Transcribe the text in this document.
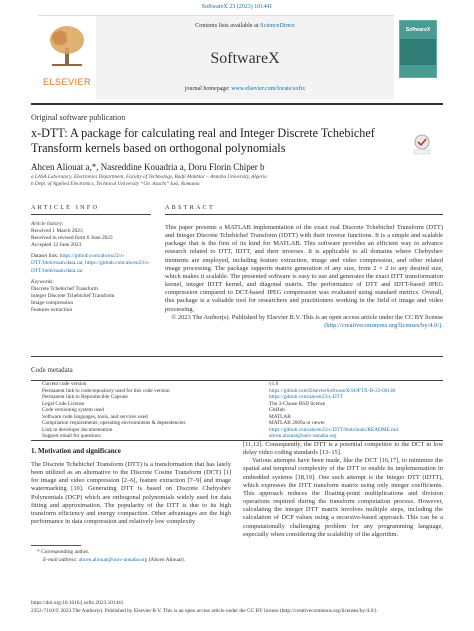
SoftwareX 23 (2023) 101441
ELSEVIER
Contents lists available at ScienceDirect
SoftwareX
journal homepage: www.elsevier.com/locate/softx
SoftwareX
Original software publication
x-DTT: A package for calculating real and Integer Discrete Tchebichef Transform kernels based on orthogonal polynomials
Ahcen Aliouat a,*, Nasreddine Kouadria a, Doru Florin Chiper b
a LASA Laboratory, Electronics Department, Faculty of Technology, Badji Mokhtar – Annaba University, Algeria
b Dept. of Applied Electronics, Technical University “Gh. Asachi” Iasi, Romania
ARTICLE INFO	ABSTRACT
Article history:
Received 1 March 2023
Received in revised form 6 June 2023
Accepted 12 June 2023
Dataset link: https://github.com/ahcen23/x-DTT/blob/main/data.rar, https://github.com/ahcen23/x-DTT/blob/main/data.rar
Keywords:
Discrete Tchebichef Transform
Integer Discrete Tchebichef Transform
Image compression
Features extraction
This paper presents a MATLAB implementation of the exact real Discrete Tchebichef Transform (DTT) and Integer Discrete Tchebichef Transform (IDTT) with their inverse functions. It is a simple and scalable package that is the first of its kind for MATLAB. This software provides an efficient way to advance research related to DTT, IDTT, and their inverses. It is applicable to all domains where Chebyshev moments are employed, including feature extraction, image and video compression, and other related image processing. The package supports matrix generation of any size, from 2 × 2 to any desired size, which makes it scalable. The presented software is easy to use and generates the exact DTT transformation kernel, integer IDTT kernel, and diagonal matrix. The performance of DTT and IDTT-based JPEG compression compared to DCT-based JPEG compression was evaluated using standard metrics. Overall, this package is a valuable tool for researchers and practitioners working in the field of image and video processing.
© 2023 The Author(s). Published by Elsevier B.V. This is an open access article under the CC BY license (http://creativecommons.org/licenses/by/4.0/).
Code metadata
Current code version	v1.0
Permanent link to code/repository used for this code version	https://github.com/ElsevierSoftwareX/SOFTX-D-23-00146
Permanent link to Reproducible Capsule	https://github.com/ahcen23/x-DTT
Legal Code License	The 3-Clause BSD license
Code versioning system used	GitHub
Software code languages, tools, and services used	MATLAB
Compilation requirements, operating environments & dependencies	MATLAB 2009a or newer
Link to developer documentation	https://github.com/ahcen23/x-DTT/blob/main/README.md
Support email for questions	ahcen.aliouat@univ-annaba.org
1. Motivation and significance
The Discrete Tchebichef Transform (DTT) is a transformation that has lately been utilized as an alternative to the Discrete Cosine Transform (DCT) [1] for image and video compression [2–6], feature extraction [7–9] and image watermarking [10]. Generating DTT is based on Discrete Chebyshev Polynomials (DCP) which are orthogonal polynomials widely used for data fitting and approximation. The popularity of the DTT is due to its high transform efficiency and energy compaction. Other advantages are the high performance in data compression and relatively low complexity
[11,12]. Consequently, the DTT is a potential competitor to the DCT in low delay video coding standards [13–15].
Various attempts have been made, like the DCT [16,17], to minimize the spatial and temporal complexity of the DTT to enable its implementation in embedded systems [18,19]. One such attempt is the Integer DTT (IDTT), which expresses the DTT transform matrix using only integer coefficients. This approach reduces the floating-point multiplications and division operations required during the transform computation process. However, calculating the integer DTT matrix involves multiple steps, including the calculation of DCP values using a recursive-based approach. This can be a computationally challenging problem for any programming language, especially when considering the scalability of the algorithm.
* Corresponding author.
E-mail address: ahcen.aliouat@univ-annaba.org (Ahcen Aliouat).
https://doi.org/10.1016/j.softx.2023.101441
2352-7110/© 2023 The Author(s). Published by Elsevier B.V. This is an open access article under the CC BY license (http://creativecommons.org/licenses/by/4.0/).
